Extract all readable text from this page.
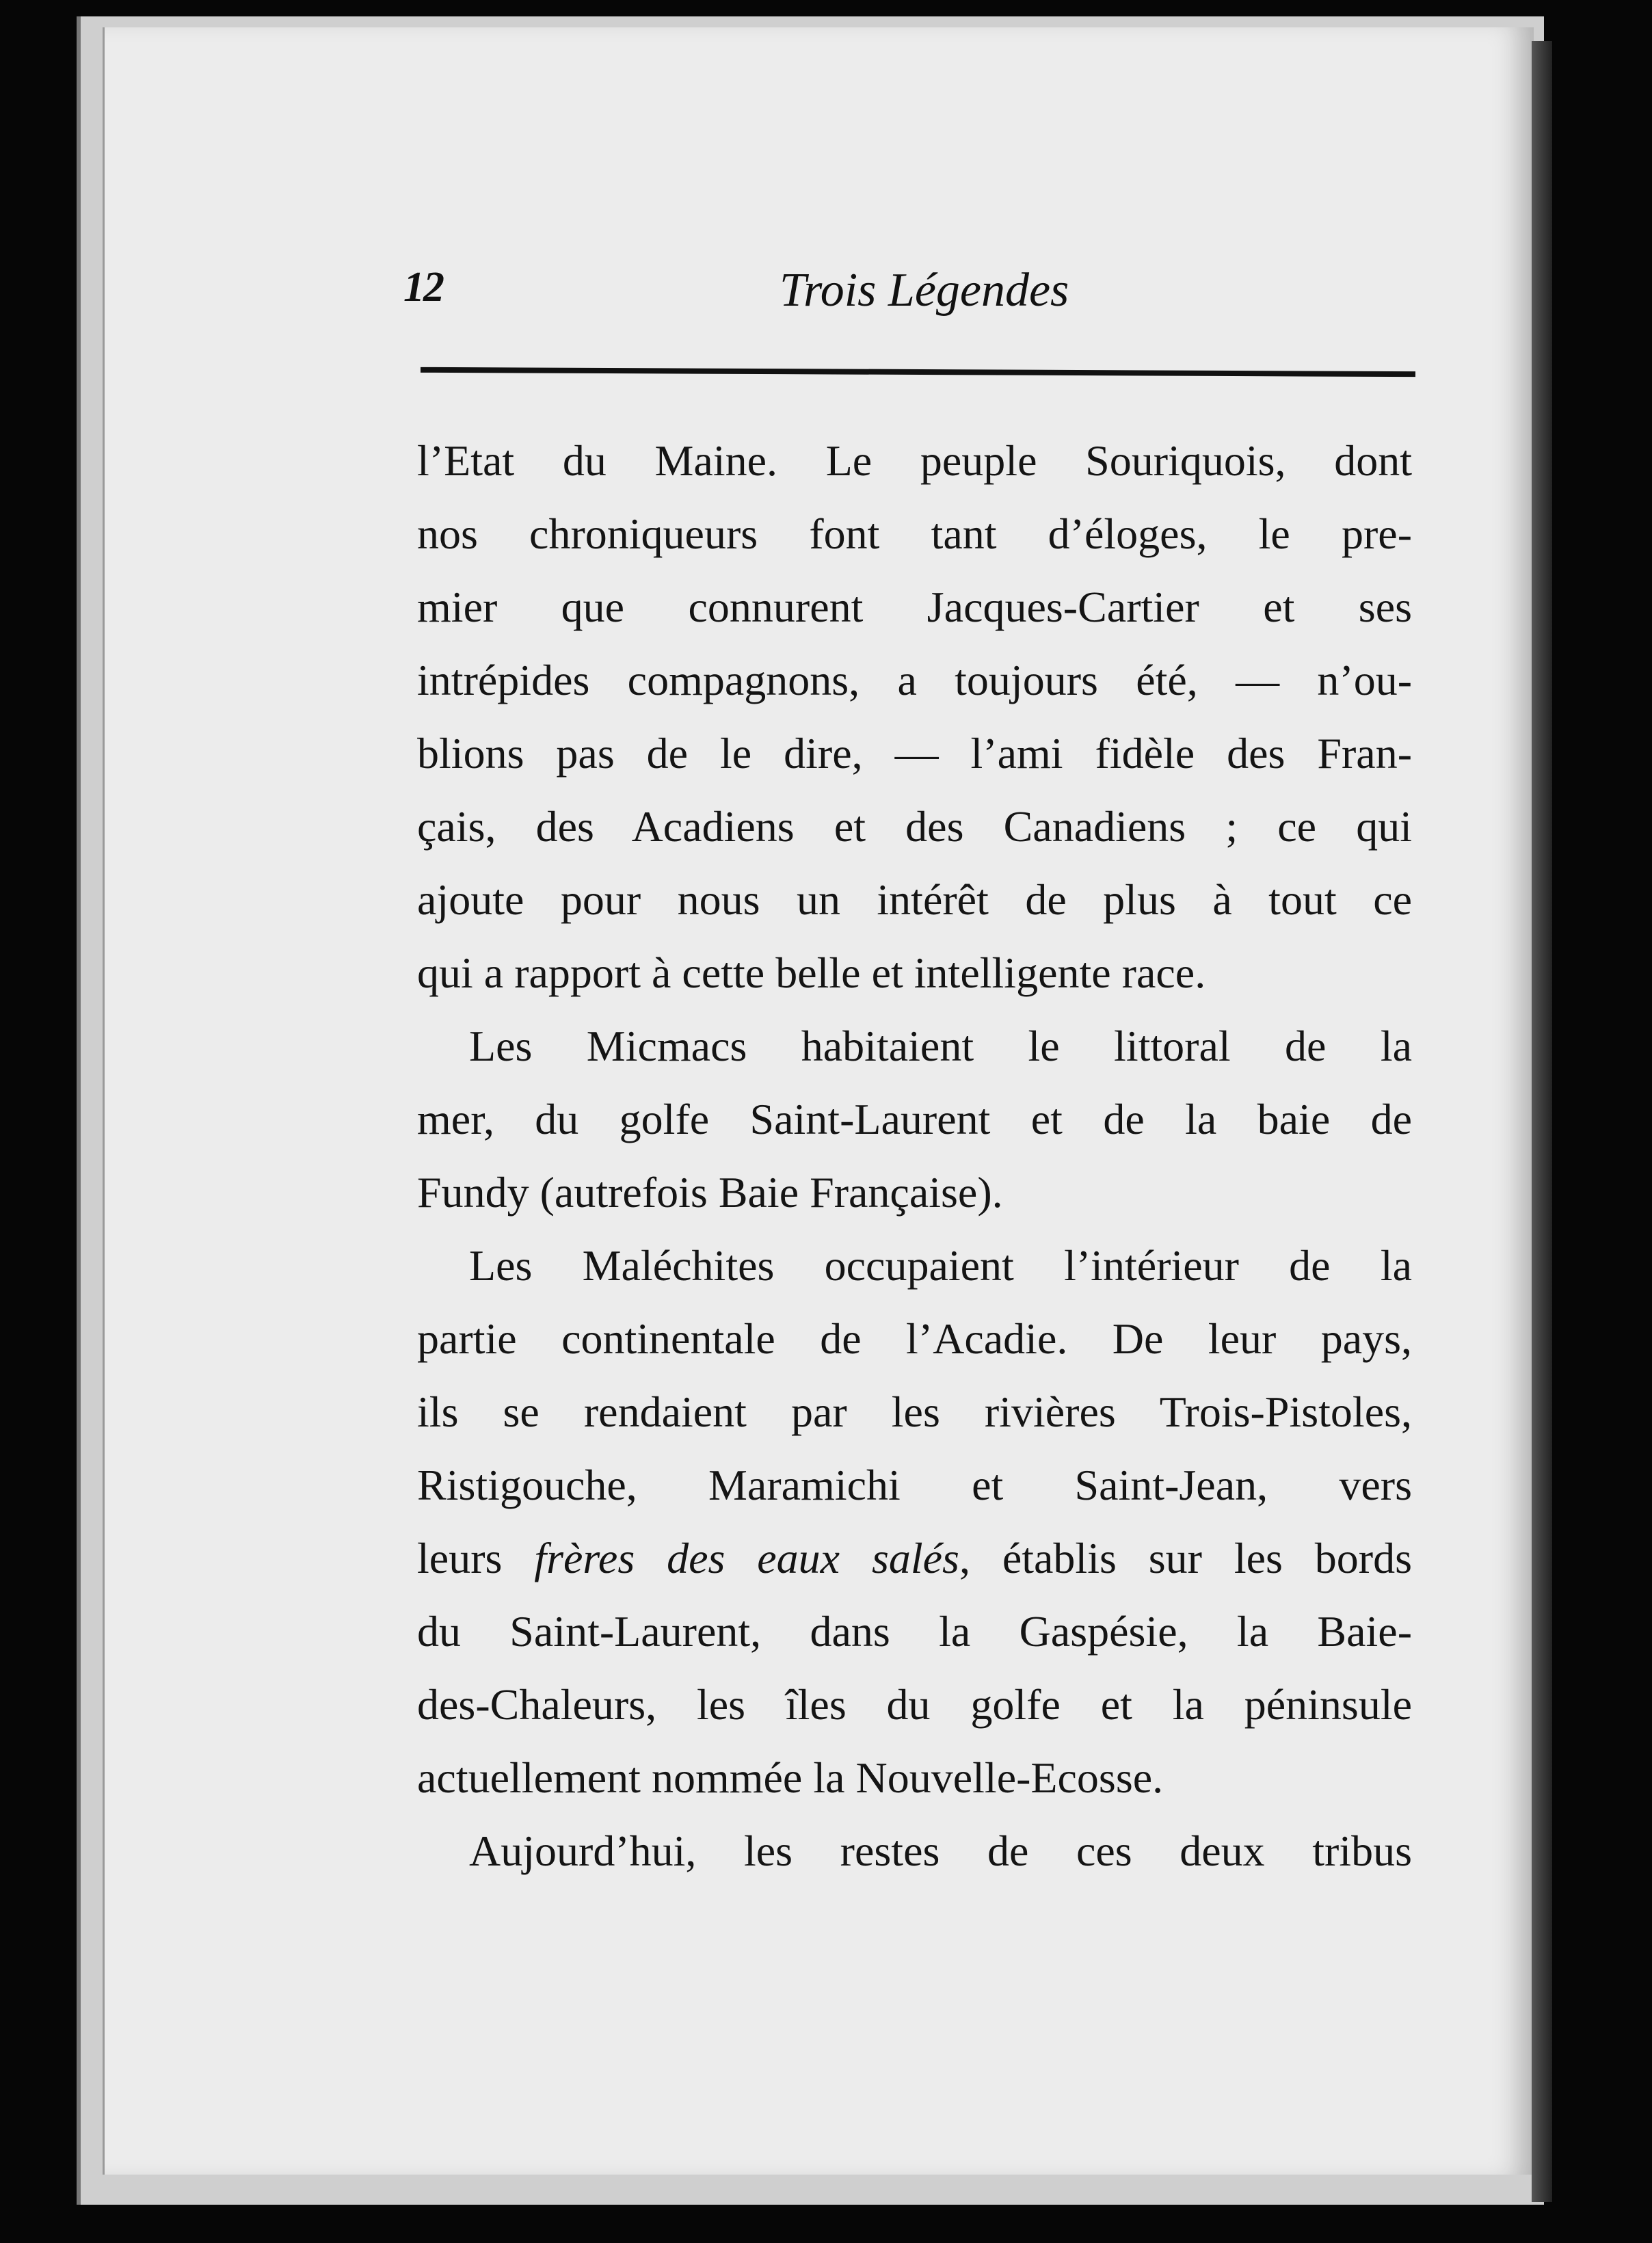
12	Trois Légendes
l’Etat du Maine. Le peuple Souriquois, dont
nos chroniqueurs font tant d’éloges, le pre-
mier que connurent Jacques-Cartier et ses
intrépides compagnons, a toujours été, — n’ou-
blions pas de le dire, — l’ami fidèle des Fran-
çais, des Acadiens et des Canadiens ; ce qui
ajoute pour nous un intérêt de plus à tout ce
qui a rapport à cette belle et intelligente race.
Les Micmacs habitaient le littoral de la
mer, du golfe Saint-Laurent et de la baie de
Fundy (autrefois Baie Française).
Les Maléchites occupaient l’intérieur de la
partie continentale de l’Acadie. De leur pays,
ils se rendaient par les rivières Trois-Pistoles,
Ristigouche, Maramichi et Saint-Jean, vers
leurs frères des eaux salés, établis sur les bords
du Saint-Laurent, dans la Gaspésie, la Baie-
des-Chaleurs, les îles du golfe et la péninsule
actuellement nommée la Nouvelle-Ecosse.
Aujourd’hui, les restes de ces deux tribus
